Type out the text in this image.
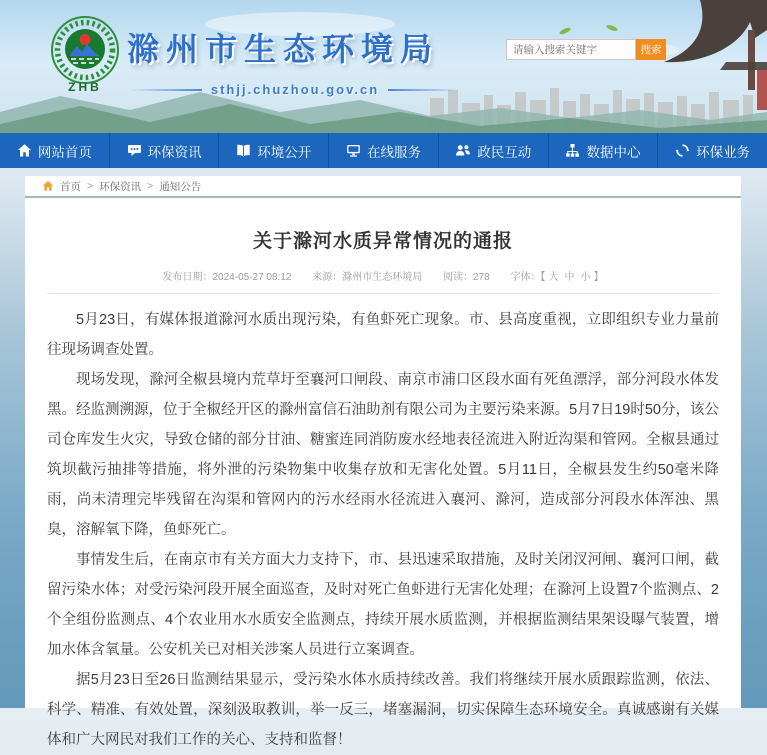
ZHB
滁州市生态环境局
sthjj.chuzhou.gov.cn
请输入搜索关键字
搜索
网站首页	环保资讯	环境公开	在线服务	政民互动	数据中心	环保业务
首页 > 环保资讯 > 通知公告
关于滁河水质异常情况的通报
发布日期：2024-05-27 08:12 来源：滁州市生态环境局 阅读：278 字体：【 大 中 小 】

5月23日，有媒体报道滁河水质出现污染，有鱼虾死亡现象。市、县高度重视，立即组织专业力量前往现场调查处置。

现场发现，滁河全椒县境内荒草圩至襄河口闸段、南京市浦口区段水面有死鱼漂浮，部分河段水体发黑。经监测溯源，位于全椒经开区的滁州富信石油助剂有限公司为主要污染来源。5月7日19时50分，该公司仓库发生火灾，导致仓储的部分甘油、糖蜜连同消防废水经地表径流进入附近沟渠和管网。全椒县通过筑坝截污抽排等措施，将外泄的污染物集中收集存放和无害化处置。5月11日，全椒县发生约50毫米降雨，尚未清理完毕残留在沟渠和管网内的污水经雨水径流进入襄河、滁河，造成部分河段水体浑浊、黑臭，溶解氧下降，鱼虾死亡。

事情发生后，在南京市有关方面大力支持下，市、县迅速采取措施，及时关闭汊河闸、襄河口闸，截留污染水体；对受污染河段开展全面巡查，及时对死亡鱼虾进行无害化处理；在滁河上设置7个监测点、2个全组份监测点、4个农业用水水质安全监测点，持续开展水质监测，并根据监测结果架设曝气装置，增加水体含氧量。公安机关已对相关涉案人员进行立案调查。

据5月23日至26日监测结果显示，受污染水体水质持续改善。我们将继续开展水质跟踪监测，依法、科学、精准、有效处置，深刻汲取教训，举一反三，堵塞漏洞，切实保障生态环境安全。真诚感谢有关媒体和广大网民对我们工作的关心、支持和监督！
